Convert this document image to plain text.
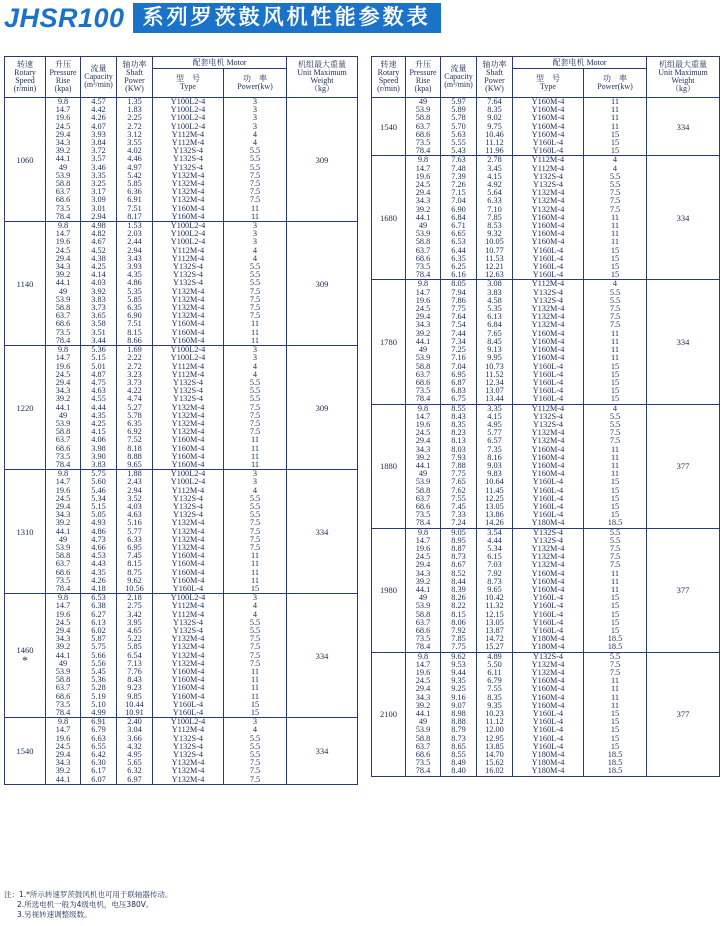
JHSR100 系列罗茨鼓风机性能参数表
转速
Rotary
Speed
(r/min)	升压
Pressure
Rise
(kpa)	流量
Capacity
(m³/min)	轴功率
Shaft
Power
(KW)	配套电机 Motor		机组最大重量
Unit Maximum
Weight
（kg）
				型　号
Type	功　率
Power(kw)	
1060	9.8	4.57	1.35	Y100L2-4	3	309
	14.7	4.42	1.83	Y100L2-4	3	
	19.6	4.26	2.25	Y100L2-4	3	
	24.5	4.07	2.72	Y100L2-4	3	
	29.4	3.93	3.12	Y112M-4	4	
	34.3	3.84	3.55	Y112M-4	4	
	39.2	3.72	4.02	Y132S-4	5.5	
	44.1	3.57	4.46	Y132S-4	5.5	
	49	3.46	4.97	Y132S-4	5.5	
	53.9	3.35	5.42	Y132M-4	7.5	
	58.8	3.25	5.85	Y132M-4	7.5	
	63.7	3.17	6.36	Y132M-4	7.5	
	68.6	3.09	6.91	Y132M-4	7.5	
	73.5	3.01	7.51	Y160M-4	11	
	78.4	2.94	8.17	Y160M-4	11	
1140	9.8	4.98	1.53	Y100L2-4	3	309
	14.7	4.82	2.03	Y100L2-4	3	
	19.6	4.67	2.44	Y100L2-4	3	
	24.5	4.52	2.94	Y112M-4	4	
	29.4	4.38	3.43	Y112M-4	4	
	34.3	4.25	3.93	Y132S-4	5.5	
	39.2	4.14	4.35	Y132S-4	5.5	
	44.1	4.03	4.86	Y132S-4	5.5	
	49	3.92	5.35	Y132M-4	7.5	
	53.9	3.83	5.85	Y132M-4	7.5	
	58.8	3.73	6.35	Y132M-4	7.5	
	63.7	3.65	6.90	Y132M-4	7.5	
	68.6	3.58	7.51	Y160M-4	11	
	73.5	3.51	8.15	Y160M-4	11	
	78.4	3.44	8.66	Y160M-4	11	
1220	9.8	5.36	1.69	Y100L2-4	3	309
	14.7	5.15	2.22	Y100L2-4	3	
	19.6	5.01	2.72	Y112M-4	4	
	24.5	4.87	3.23	Y112M-4	4	
	29.4	4.75	3.73	Y132S-4	5.5	
	34.3	4.63	4.22	Y132S-4	5.5	
	39.2	4.55	4.74	Y132S-4	5.5	
	44.1	4.44	5.27	Y132M-4	7.5	
	49	4.35	5.78	Y132M-4	7.5	
	53.9	4.25	6.35	Y132M-4	7.5	
	58.8	4.15	6.92	Y132M-4	7.5	
	63.7	4.06	7.52	Y160M-4	11	
	68.6	3.98	8.18	Y160M-4	11	
	73.5	3.90	8.88	Y160M-4	11	
	78.4	3.83	9.65	Y160M-4	11	
1310	9.8	5.75	1.88	Y100L2-4	3	334
	14.7	5.60	2.43	Y100L2-4	3	
	19.6	5.46	2.94	Y112M-4	4	
	24.5	5.34	3.52	Y132S-4	5.5	
	29.4	5.15	4.03	Y132S-4	5.5	
	34.3	5.05	4.63	Y132S-4	5.5	
	39.2	4.93	5.16	Y132M-4	7.5	
	44.1	4.86	5.77	Y132M-4	7.5	
	49	4.73	6.33	Y132M-4	7.5	
	53.9	4.66	6.95	Y132M-4	7.5	
	58.8	4.53	7.45	Y160M-4	11	
	63.7	4.43	8.15	Y160M-4	11	
	68.6	4.35	8.75	Y160M-4	11	
	73.5	4.26	9.62	Y160M-4	11	
	78.4	4.18	10.56	Y160L-4	15	
1460
*	9.8	6.53	2.18	Y100L2-4	3	334
	14.7	6.38	2.75	Y112M-4	4	
	19.6	6.27	3.42	Y112M-4	4	
	24.5	6.13	3.95	Y132S-4	5.5	
	29.4	6.02	4.65	Y132S-4	5.5	
	34.3	5.87	5.22	Y132M-4	7.5	
	39.2	5.75	5.85	Y132M-4	7.5	
	44.1	5.66	6.54	Y132M-4	7.5	
	49	5.56	7.13	Y132M-4	7.5	
	53.9	5.45	7.76	Y160M-4	11	
	58.8	5.36	8.43	Y160M-4	11	
	63.7	5.28	9.23	Y160M-4	11	
	68.6	5.19	9.85	Y160M-4	11	
	73.5	5.10	10.44	Y160L-4	15	
	78.4	4.99	10.91	Y160L-4	15	
1540	9.8	6.91	2.40	Y100L2-4	3	334
	14.7	6.79	3.04	Y112M-4	4	
	19.6	6.63	3.66	Y132S-4	5.5	
	24.5	6.55	4.32	Y132S-4	5.5	
	29.4	6.42	4.95	Y132S-4	5.5	
	34.3	6.30	5.65	Y132M-4	7.5	
	39.2	6.17	6.32	Y132M-4	7.5	
	44.1	6.07	6.97	Y132M-4	7.5	
转速
Rotary
Speed
(r/min)	升压
Pressure
Rise
(kpa)	流量
Capacity
(m³/min)	轴功率
Shaft
Power
(KW)	配套电机 Motor		机组最大重量
Unit Maximum
Weight
（kg）
				型　号
Type	功　率
Power(kw)	
1540	49	5.97	7.64	Y160M-4	11	334
	53.9	5.89	8.35	Y160M-4	11	
	58.8	5.78	9.02	Y160M-4	11	
	63.7	5.70	9.75	Y160M-4	11	
	68.6	5.63	10.46	Y160M-4	15	
	73.5	5.55	11.12	Y160L-4	15	
	78.4	5.43	11.96	Y160L-4	15	
1680	9.8	7.63	2.78	Y112M-4	4	334
	14.7	7.48	3.45	Y112M-4	4	
	19.6	7.39	4.15	Y132S-4	5.5	
	24.5	7.26	4.92	Y132S-4	5.5	
	29.4	7.15	5.64	Y132M-4	7.5	
	34.3	7.04	6.33	Y132M-4	7.5	
	39.2	6.90	7.10	Y132M-4	7.5	
	44.1	6.84	7.85	Y160M-4	11	
	49	6.71	8.53	Y160M-4	11	
	53.9	6.65	9.32	Y160M-4	11	
	58.8	6.53	10.05	Y160M-4	11	
	63.7	6.44	10.77	Y160L-4	15	
	68.6	6.35	11.53	Y160L-4	15	
	73.5	6.25	12.21	Y160L-4	15	
	78.4	6.16	12.63	Y160L-4	15	
1780	9.8	8.05	3.08	Y112M-4	4	334
	14.7	7.94	3.83	Y132S-4	5.5	
	19.6	7.86	4.58	Y132S-4	5.5	
	24.5	7.75	5.35	Y132M-4	7.5	
	29.4	7.64	6.13	Y132M-4	7.5	
	34.3	7.54	6.84	Y132M-4	7.5	
	39.2	7.44	7.65	Y160M-4	11	
	44.1	7.34	8.45	Y160M-4	11	
	49	7.25	9.13	Y160M-4	11	
	53.9	7.16	9.95	Y160M-4	11	
	58.8	7.04	10.73	Y160L-4	15	
	63.7	6.95	11.52	Y160L-4	15	
	68.6	6.87	12.34	Y160L-4	15	
	73.5	6.83	13.07	Y160L-4	15	
	78.4	6.75	13.44	Y160L-4	15	
1880	9.8	8.55	3.35	Y112M-4	4	377
	14.7	8.43	4.15	Y132S-4	5.5	
	19.6	8.35	4.95	Y132S-4	5.5	
	24.5	8.23	5.77	Y132M-4	7.5	
	29.4	8.13	6.57	Y132M-4	7.5	
	34.3	8.03	7.35	Y160M-4	11	
	39.2	7.93	8.16	Y160M-4	11	
	44.1	7.88	9.03	Y160M-4	11	
	49	7.75	9.83	Y160M-4	11	
	53.9	7.65	10.64	Y160L-4	15	
	58.8	7.62	11.45	Y160L-4	15	
	63.7	7.55	12.25	Y160L-4	15	
	68.6	7.45	13.05	Y160L-4	15	
	73.5	7.33	13.86	Y160L-4	15	
	78.4	7.24	14.26	Y180M-4	18.5	
1980	9.8	9.05	3.54	Y132S-4	5.5	377
	14.7	8.95	4.44	Y132S-4	5.5	
	19.6	8.87	5.34	Y132M-4	7.5	
	24.5	8.73	6.15	Y132M-4	7.5	
	29.4	8.67	7.03	Y132M-4	7.5	
	34.3	8.52	7.92	Y160M-4	11	
	39.2	8.44	8.73	Y160M-4	11	
	44.1	8.39	9.65	Y160M-4	11	
	49	8.26	10.42	Y160L-4	15	
	53.9	8.22	11.32	Y160L-4	15	
	58.8	8.15	12.15	Y160L-4	15	
	63.7	8.06	13.05	Y160L-4	15	
	68.6	7.92	13.87	Y160L-4	15	
	73.5	7.85	14.72	Y180M-4	18.5	
	78.4	7.75	15.27	Y180M-4	18.5	
2100	9.8	9.62	4.89	Y132S-4	5.5	377
	14.7	9.53	5.50	Y132M-4	7.5	
	19.6	9.44	6.11	Y132M-4	7.5	
	24.5	9.35	6.79	Y160M-4	11	
	29.4	9.25	7.55	Y160M-4	11	
	34.3	9.16	8.35	Y160M-4	11	
	39.2	9.07	9.35	Y160M-4	11	
	44.1	8.98	10.23	Y160L-4	15	
	49	8.88	11.12	Y160L-4	15	
	53.9	8.79	12.00	Y160L-4	15	
	58.8	8.73	12.95	Y160L-4	15	
	63.7	8.65	13.85	Y160L-4	15	
	68.6	8.55	14.70	Y180M-4	18.5	
	73.5	8.49	15.62	Y180M-4	18.5	
	78.4	8.40	16.02	Y180M-4	18.5	
注：1.*所示转速罗茨鼓风机也可用于联轴器传动。
2.所选电机一般为4级电机，电压380V。
3.另视转速调整级数。
